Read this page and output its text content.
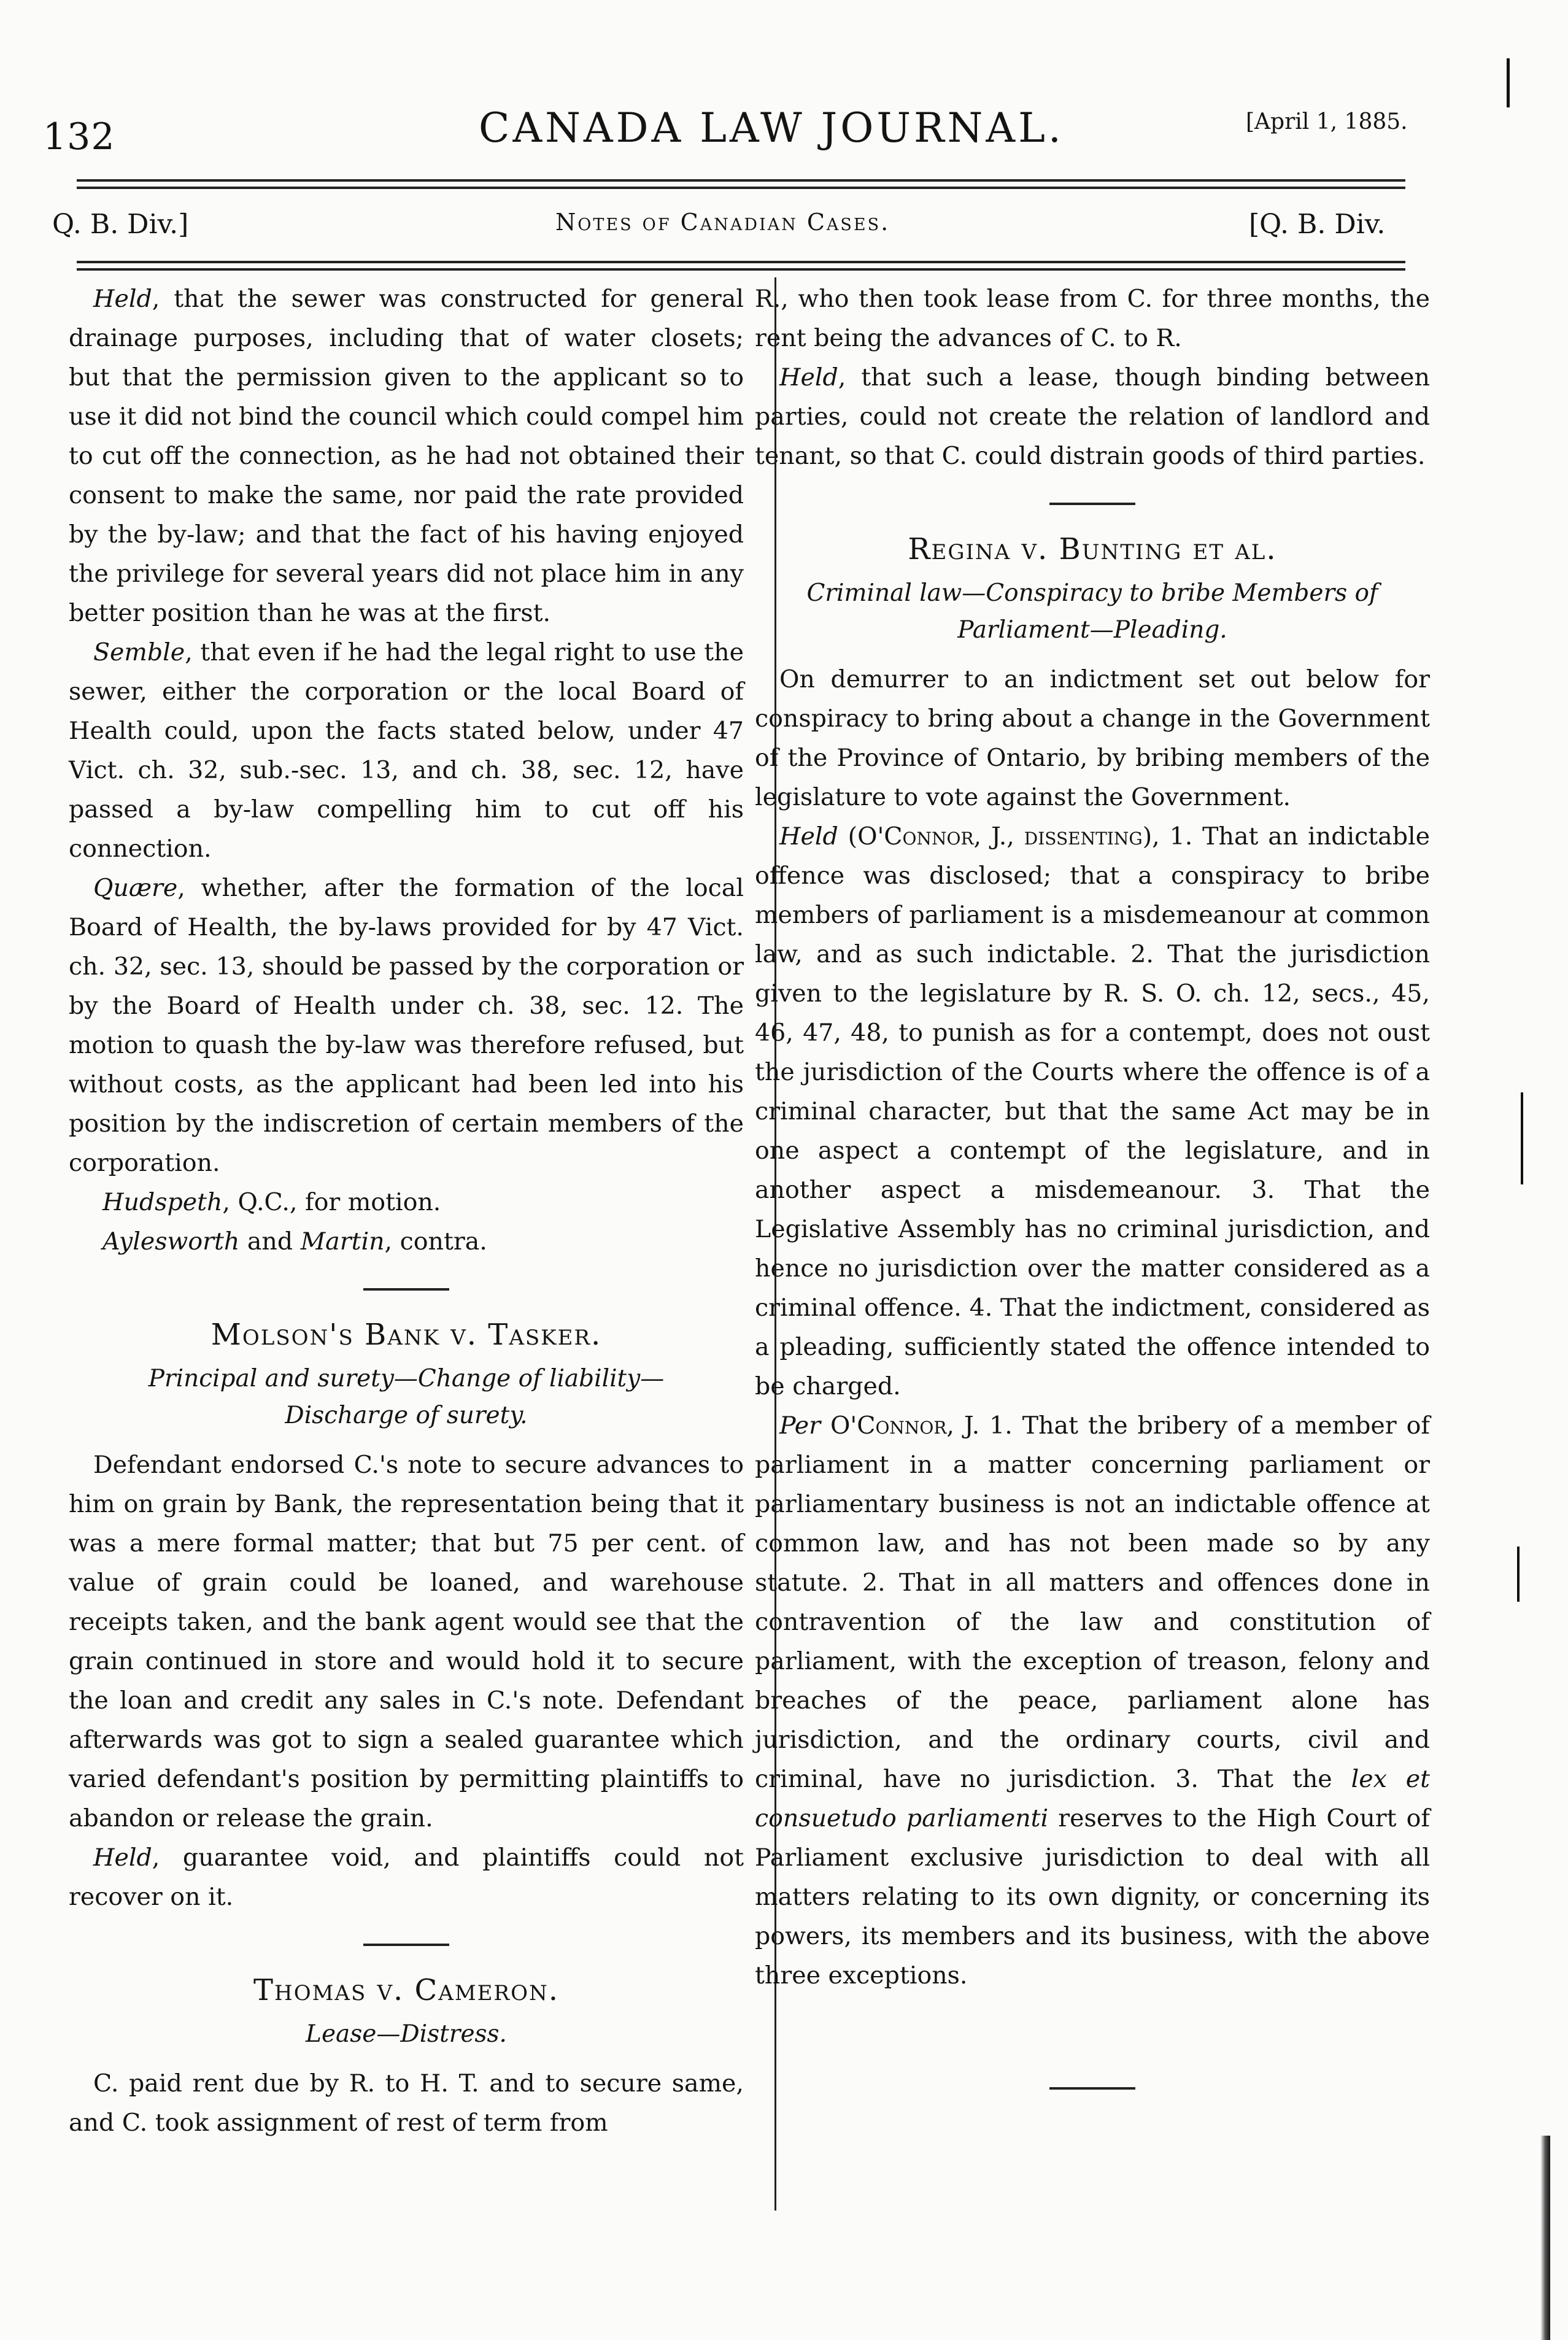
132	CANADA LAW JOURNAL.	[April 1, 1885.
Q. B. Div.]	Notes of Canadian Cases.	[Q. B. Div.

Held, that the sewer was constructed for general drainage purposes, including that of water closets; but that the permission given to the applicant so to use it did not bind the council which could compel him to cut off the connection, as he had not obtained their consent to make the same, nor paid the rate provided by the by-law; and that the fact of his having enjoyed the privilege for several years did not place him in any better position than he was at the first.

Semble, that even if he had the legal right to use the sewer, either the corporation or the local Board of Health could, upon the facts stated below, under 47 Vict. ch. 32, sub.-sec. 13, and ch. 38, sec. 12, have passed a by-law compelling him to cut off his connection.

Quære, whether, after the formation of the local Board of Health, the by-laws provided for by 47 Vict. ch. 32, sec. 13, should be passed by the corporation or by the Board of Health under ch. 38, sec. 12. The motion to quash the by-law was therefore refused, but without costs, as the applicant had been led into his position by the indiscretion of certain members of the corporation.

Hudspeth, Q.C., for motion.

Aylesworth and Martin, contra.

Molson's Bank v. Tasker.
Principal and surety—Change of liability—Discharge of surety.

Defendant endorsed C.'s note to secure advances to him on grain by Bank, the representation being that it was a mere formal matter; that but 75 per cent. of value of grain could be loaned, and warehouse receipts taken, and the bank agent would see that the grain continued in store and would hold it to secure the loan and credit any sales in C.'s note. Defendant afterwards was got to sign a sealed guarantee which varied defendant's position by permitting plaintiffs to abandon or release the grain.

Held, guarantee void, and plaintiffs could not recover on it.

Thomas v. Cameron.
Lease—Distress.

C. paid rent due by R. to H. T. and to secure same, and C. took assignment of rest of term from

R., who then took lease from C. for three months, the rent being the advances of C. to R.

Held, that such a lease, though binding between parties, could not create the relation of landlord and tenant, so that C. could distrain goods of third parties.

Regina v. Bunting et al.
Criminal law—Conspiracy to bribe Members of Parliament—Pleading.

On demurrer to an indictment set out below for conspiracy to bring about a change in the Government of the Province of Ontario, by bribing members of the legislature to vote against the Government.

Held (O'Connor, J., dissenting), 1. That an indictable offence was disclosed; that a conspiracy to bribe members of parliament is a misdemeanour at common law, and as such indictable. 2. That the jurisdiction given to the legislature by R. S. O. ch. 12, secs., 45, 46, 47, 48, to punish as for a contempt, does not oust the jurisdiction of the Courts where the offence is of a criminal character, but that the same Act may be in one aspect a contempt of the legislature, and in another aspect a misdemeanour. 3. That the Legislative Assembly has no criminal jurisdiction, and hence no jurisdiction over the matter considered as a criminal offence. 4. That the indictment, considered as a pleading, sufficiently stated the offence intended to be charged.

Per O'Connor, J. 1. That the bribery of a member of parliament in a matter concerning parliament or parliamentary business is not an indictable offence at common law, and has not been made so by any statute. 2. That in all matters and offences done in contravention of the law and constitution of parliament, with the exception of treason, felony and breaches of the peace, parliament alone has jurisdiction, and the ordinary courts, civil and criminal, have no jurisdiction. 3. That the lex et consuetudo parliamenti reserves to the High Court of Parliament exclusive jurisdiction to deal with all matters relating to its own dignity, or concerning its powers, its members and its business, with the above three exceptions.
